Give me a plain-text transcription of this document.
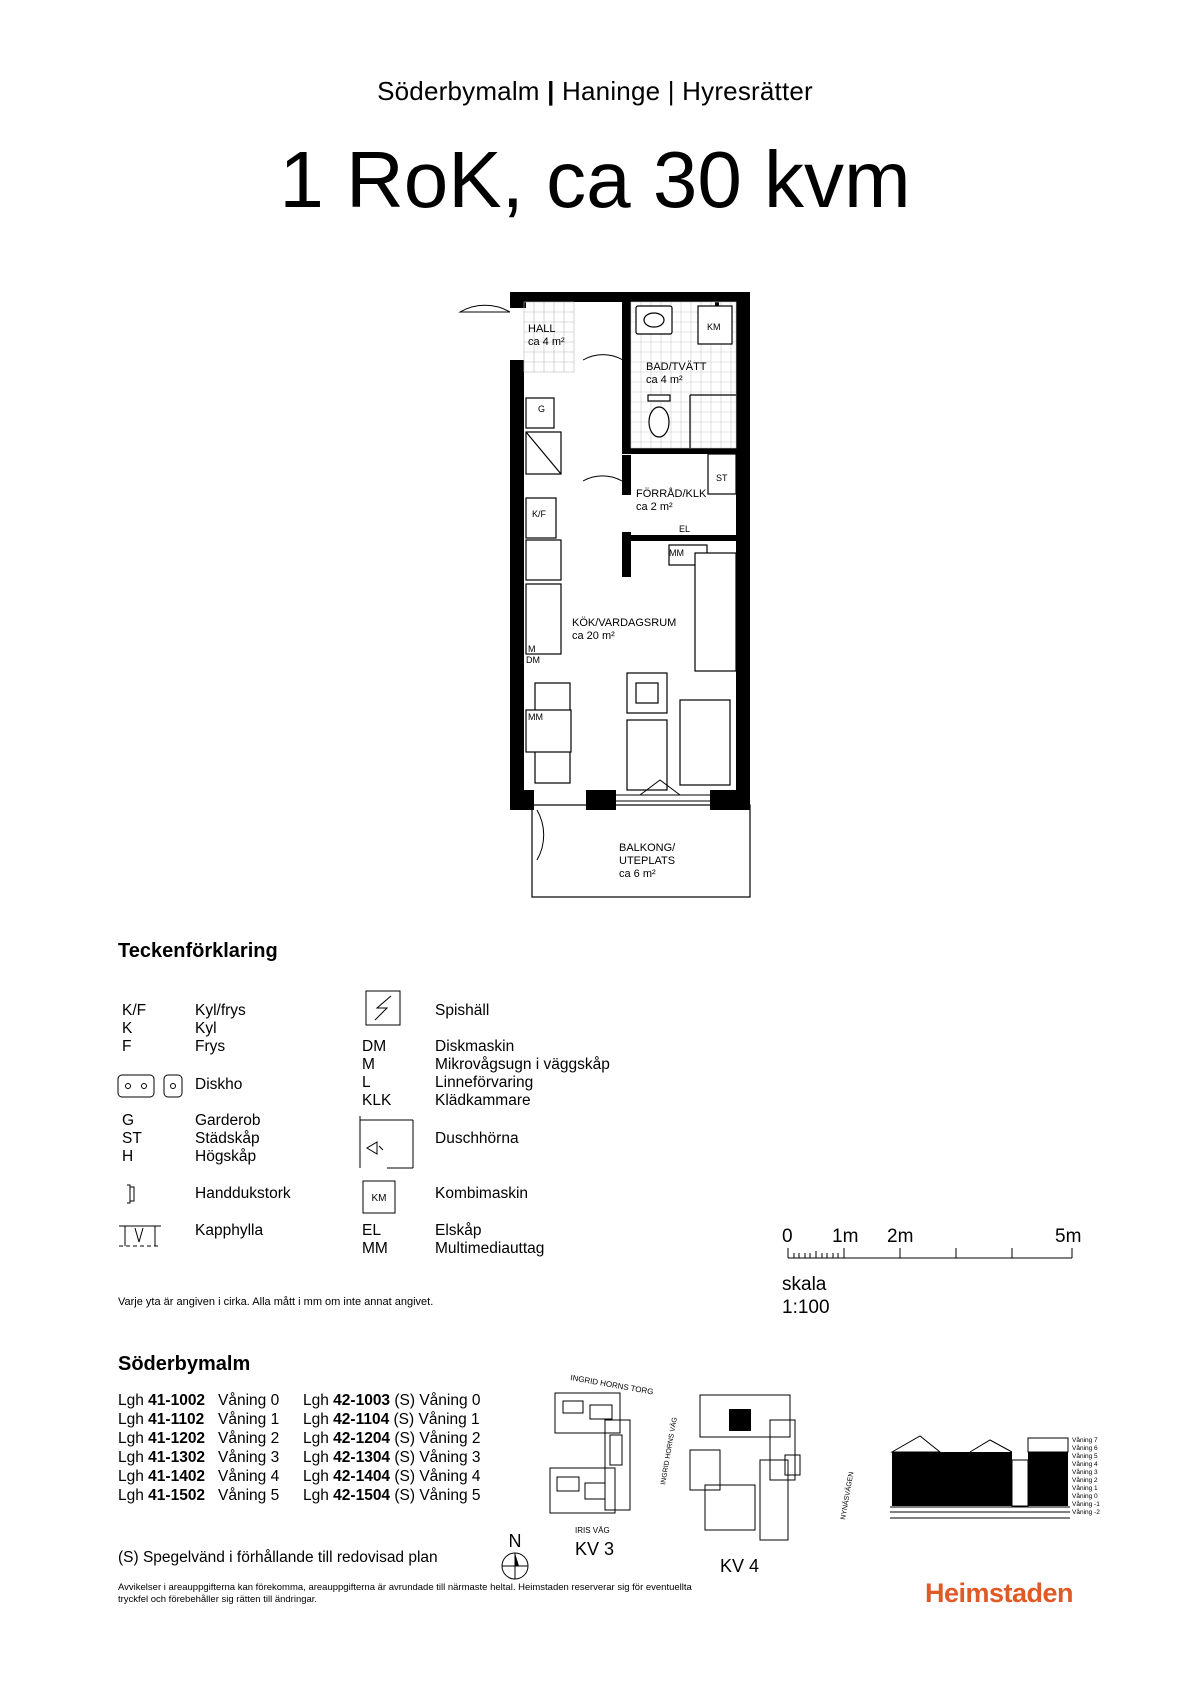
Söderbymalm | Haninge | Hyresrätter
1 RoK, ca 30 kvm
HALL
ca 4 m²
BAD/TVÄTT
ca 4 m²
FÖRRÅD/KLK
ca 2 m²
KÖK/VARDAGSRUM
ca 20 m²
BALKONG/
UTEPLATS
ca 6 m²
G
K/F
KM
ST
EL
MM
M
DM
MM
Teckenförklaring
K/F	Kyl/frys
K	Kyl
F	Frys
Diskho
G	Garderob
ST	Städskåp
H	Högskåp
Handdukstork
Kapphylla
Spishäll
DM	Diskmaskin
M	Mikrovågsugn i väggskåp
L	Linneförvaring
KLK	Klädkammare
Duschhörna
KM	Kombimaskin
EL	Elskåp
MM	Multimediauttag
0 1m 2m	5m
skala
1:100
Varje yta är angiven i cirka. Alla mått i mm om inte annat angivet.
Söderbymalm
Lgh 41-1002 Våning 0
Lgh 41-1102 Våning 1
Lgh 41-1202 Våning 2
Lgh 41-1302 Våning 3
Lgh 41-1402 Våning 4
Lgh 41-1502 Våning 5
Lgh 42-1003 (S) Våning 0
Lgh 42-1104 (S) Våning 1
Lgh 42-1204 (S) Våning 2
Lgh 42-1304 (S) Våning 3
Lgh 42-1404 (S) Våning 4
Lgh 42-1504 (S) Våning 5
INGRID HORNS TORG
INGRID HORNS VÄG
IRIS VÄG
NYNÄSVÄGEN
KV 3
KV 4
N
Våning 7
Våning 6
Våning 5
Våning 4
Våning 3
Våning 2
Våning 1
Våning 0
Våning -1
Våning -2
(S) Spegelvänd i förhållande till redovisad plan
Avvikelser i areauppgifterna kan förekomma, areauppgifterna är avrundade till närmaste heltal. Heimstaden reserverar sig för eventuellta tryckfel och förebehåller sig rätten till ändringar.	Heimstaden
